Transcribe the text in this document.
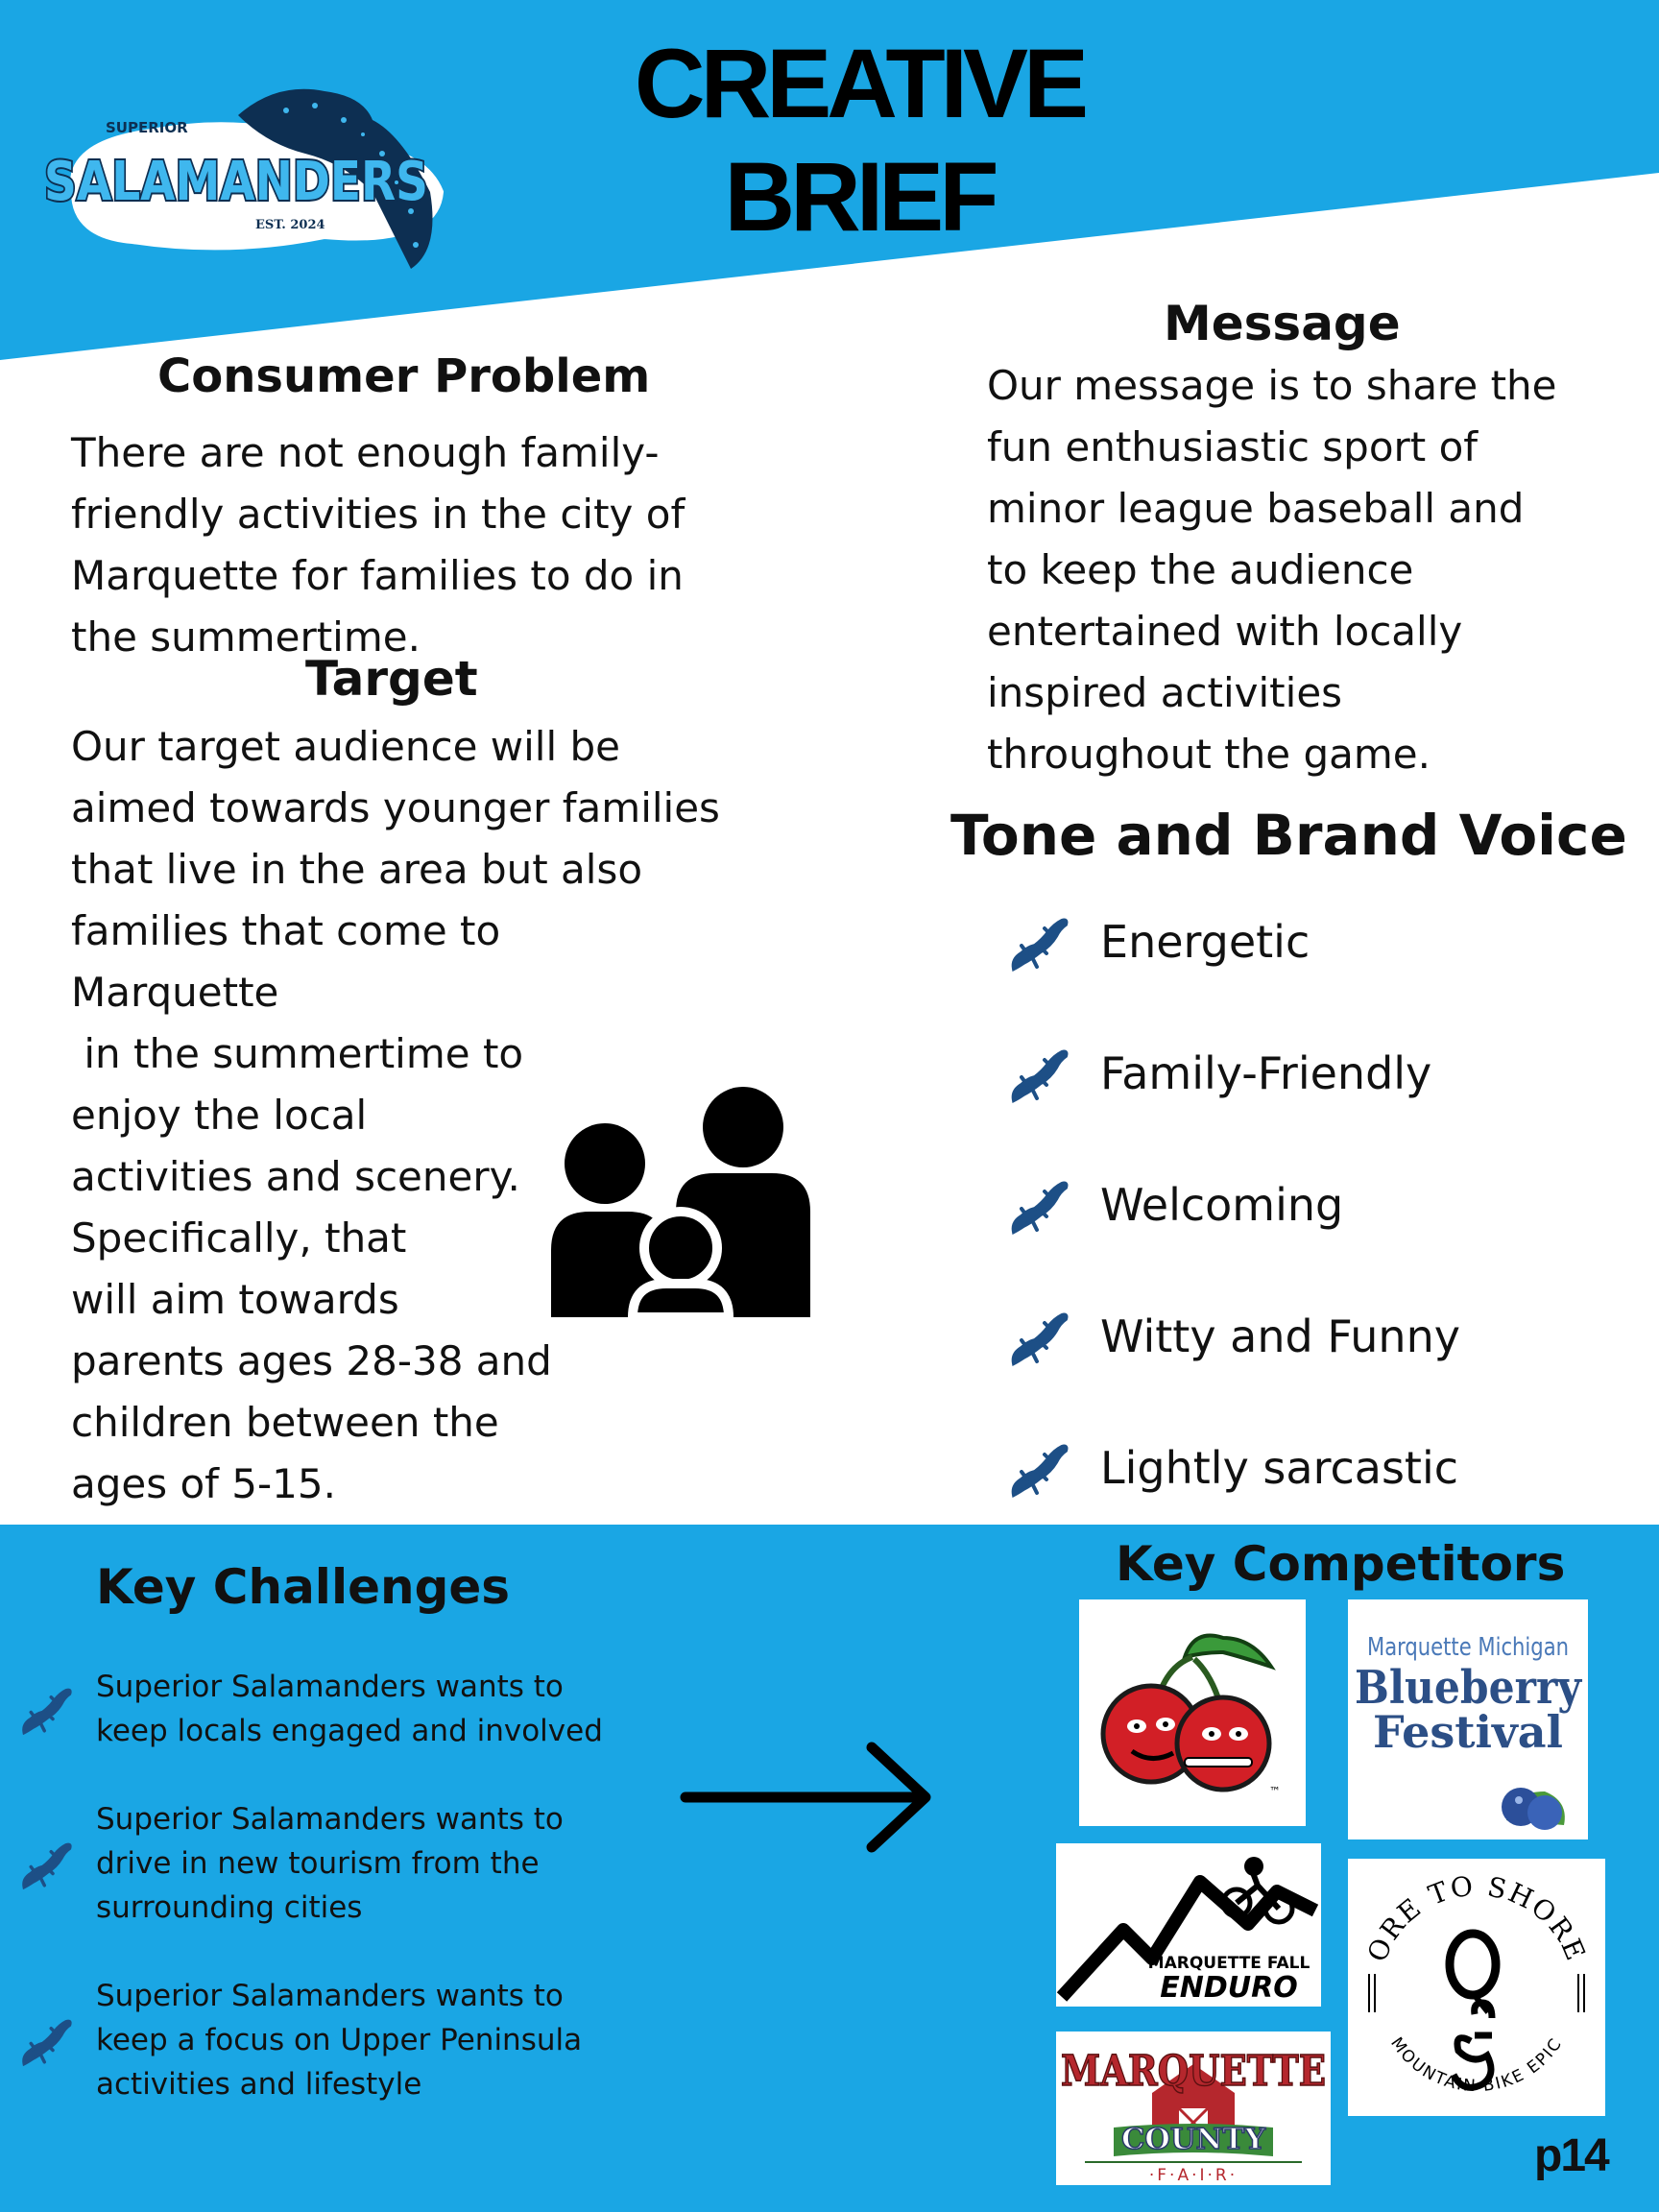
SUPERIOR
SALAMANDERS
EST. 2024
CREATIVE
BRIEF
Consumer Problem
There are not enough family-
friendly activities in the city of
Marquette for families to do in
the summertime.
Target
Our target audience will be
aimed towards younger families
that live in the area but also
families that come to
Marquette
in the summertime to
enjoy the local
activities and scenery.
Specifically, that
will aim towards
parents ages 28-38 and
children between the
ages of 5-15.
Message
Our message is to share the
fun enthusiastic sport of
minor league baseball and
to keep the audience
entertained with locally
inspired activities
throughout the game.
Tone and Brand Voice
Energetic
Family-Friendly
Welcoming
Witty and Funny
Lightly sarcastic
Key Challenges

Superior Salamanders wants to
keep locals engaged and involved

Superior Salamanders wants to
drive in new tourism from the
surrounding cities

Superior Salamanders wants to
keep a focus on Upper Peninsula
activities and lifestyle

Key Competitors
™
Marquette Michigan
Blueberry
Festival
MARQUETTE FALL
ENDURO
ORE TO SHORE
MOUNTAIN BIKE EPIC
MARQUETTE
COUNTY
·F·A·I·R·	p14
